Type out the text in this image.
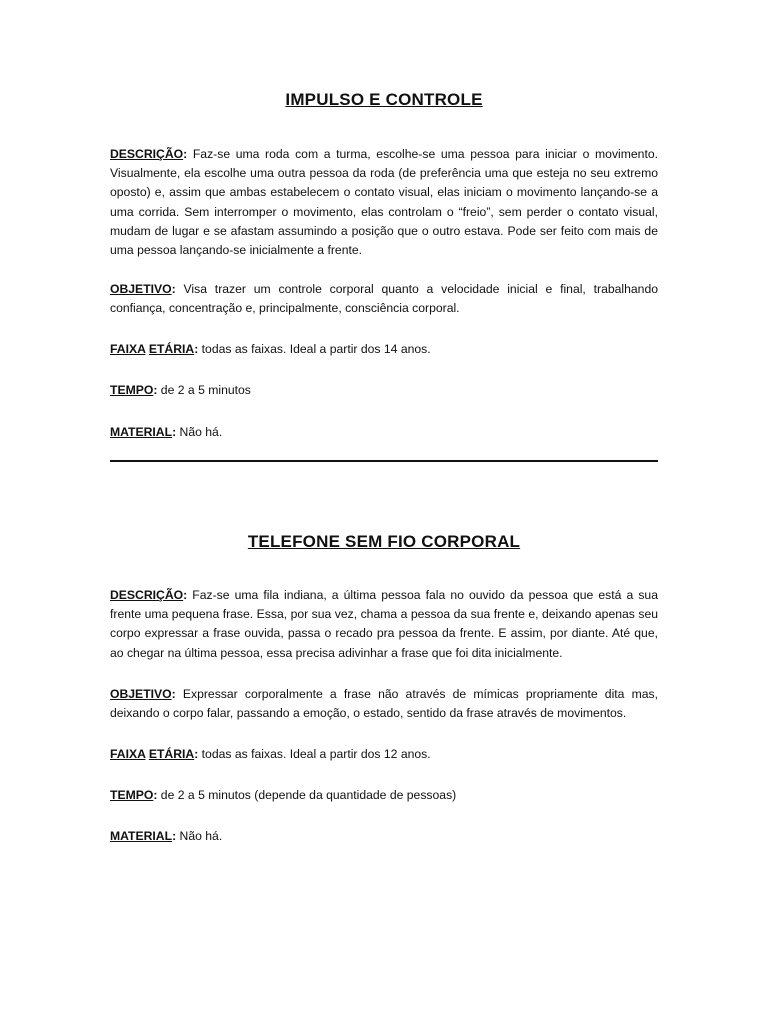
IMPULSO E CONTROLE

DESCRIÇÃO: Faz-se uma roda com a turma, escolhe-se uma pessoa para iniciar o movimento. Visualmente, ela escolhe uma outra pessoa da roda (de preferência uma que esteja no seu extremo oposto) e, assim que ambas estabelecem o contato visual, elas iniciam o movimento lançando-se a uma corrida. Sem interromper o movimento, elas controlam o “freio”, sem perder o contato visual, mudam de lugar e se afastam assumindo a posição que o outro estava. Pode ser feito com mais de uma pessoa lançando-se inicialmente a frente.

OBJETIVO: Visa trazer um controle corporal quanto a velocidade inicial e final, trabalhando confiança, concentração e, principalmente, consciência corporal.

FAIXA ETÁRIA: todas as faixas. Ideal a partir dos 14 anos.

TEMPO: de 2 a 5 minutos

MATERIAL: Não há.

TELEFONE SEM FIO CORPORAL

DESCRIÇÃO: Faz-se uma fila indiana, a última pessoa fala no ouvido da pessoa que está a sua frente uma pequena frase. Essa, por sua vez, chama a pessoa da sua frente e, deixando apenas seu corpo expressar a frase ouvida, passa o recado pra pessoa da frente. E assim, por diante. Até que, ao chegar na última pessoa, essa precisa adivinhar a frase que foi dita inicialmente.

OBJETIVO: Expressar corporalmente a frase não através de mímicas propriamente dita mas, deixando o corpo falar, passando a emoção, o estado, sentido da frase através de movimentos.

FAIXA ETÁRIA: todas as faixas. Ideal a partir dos 12 anos.

TEMPO: de 2 a 5 minutos (depende da quantidade de pessoas)

MATERIAL: Não há.
